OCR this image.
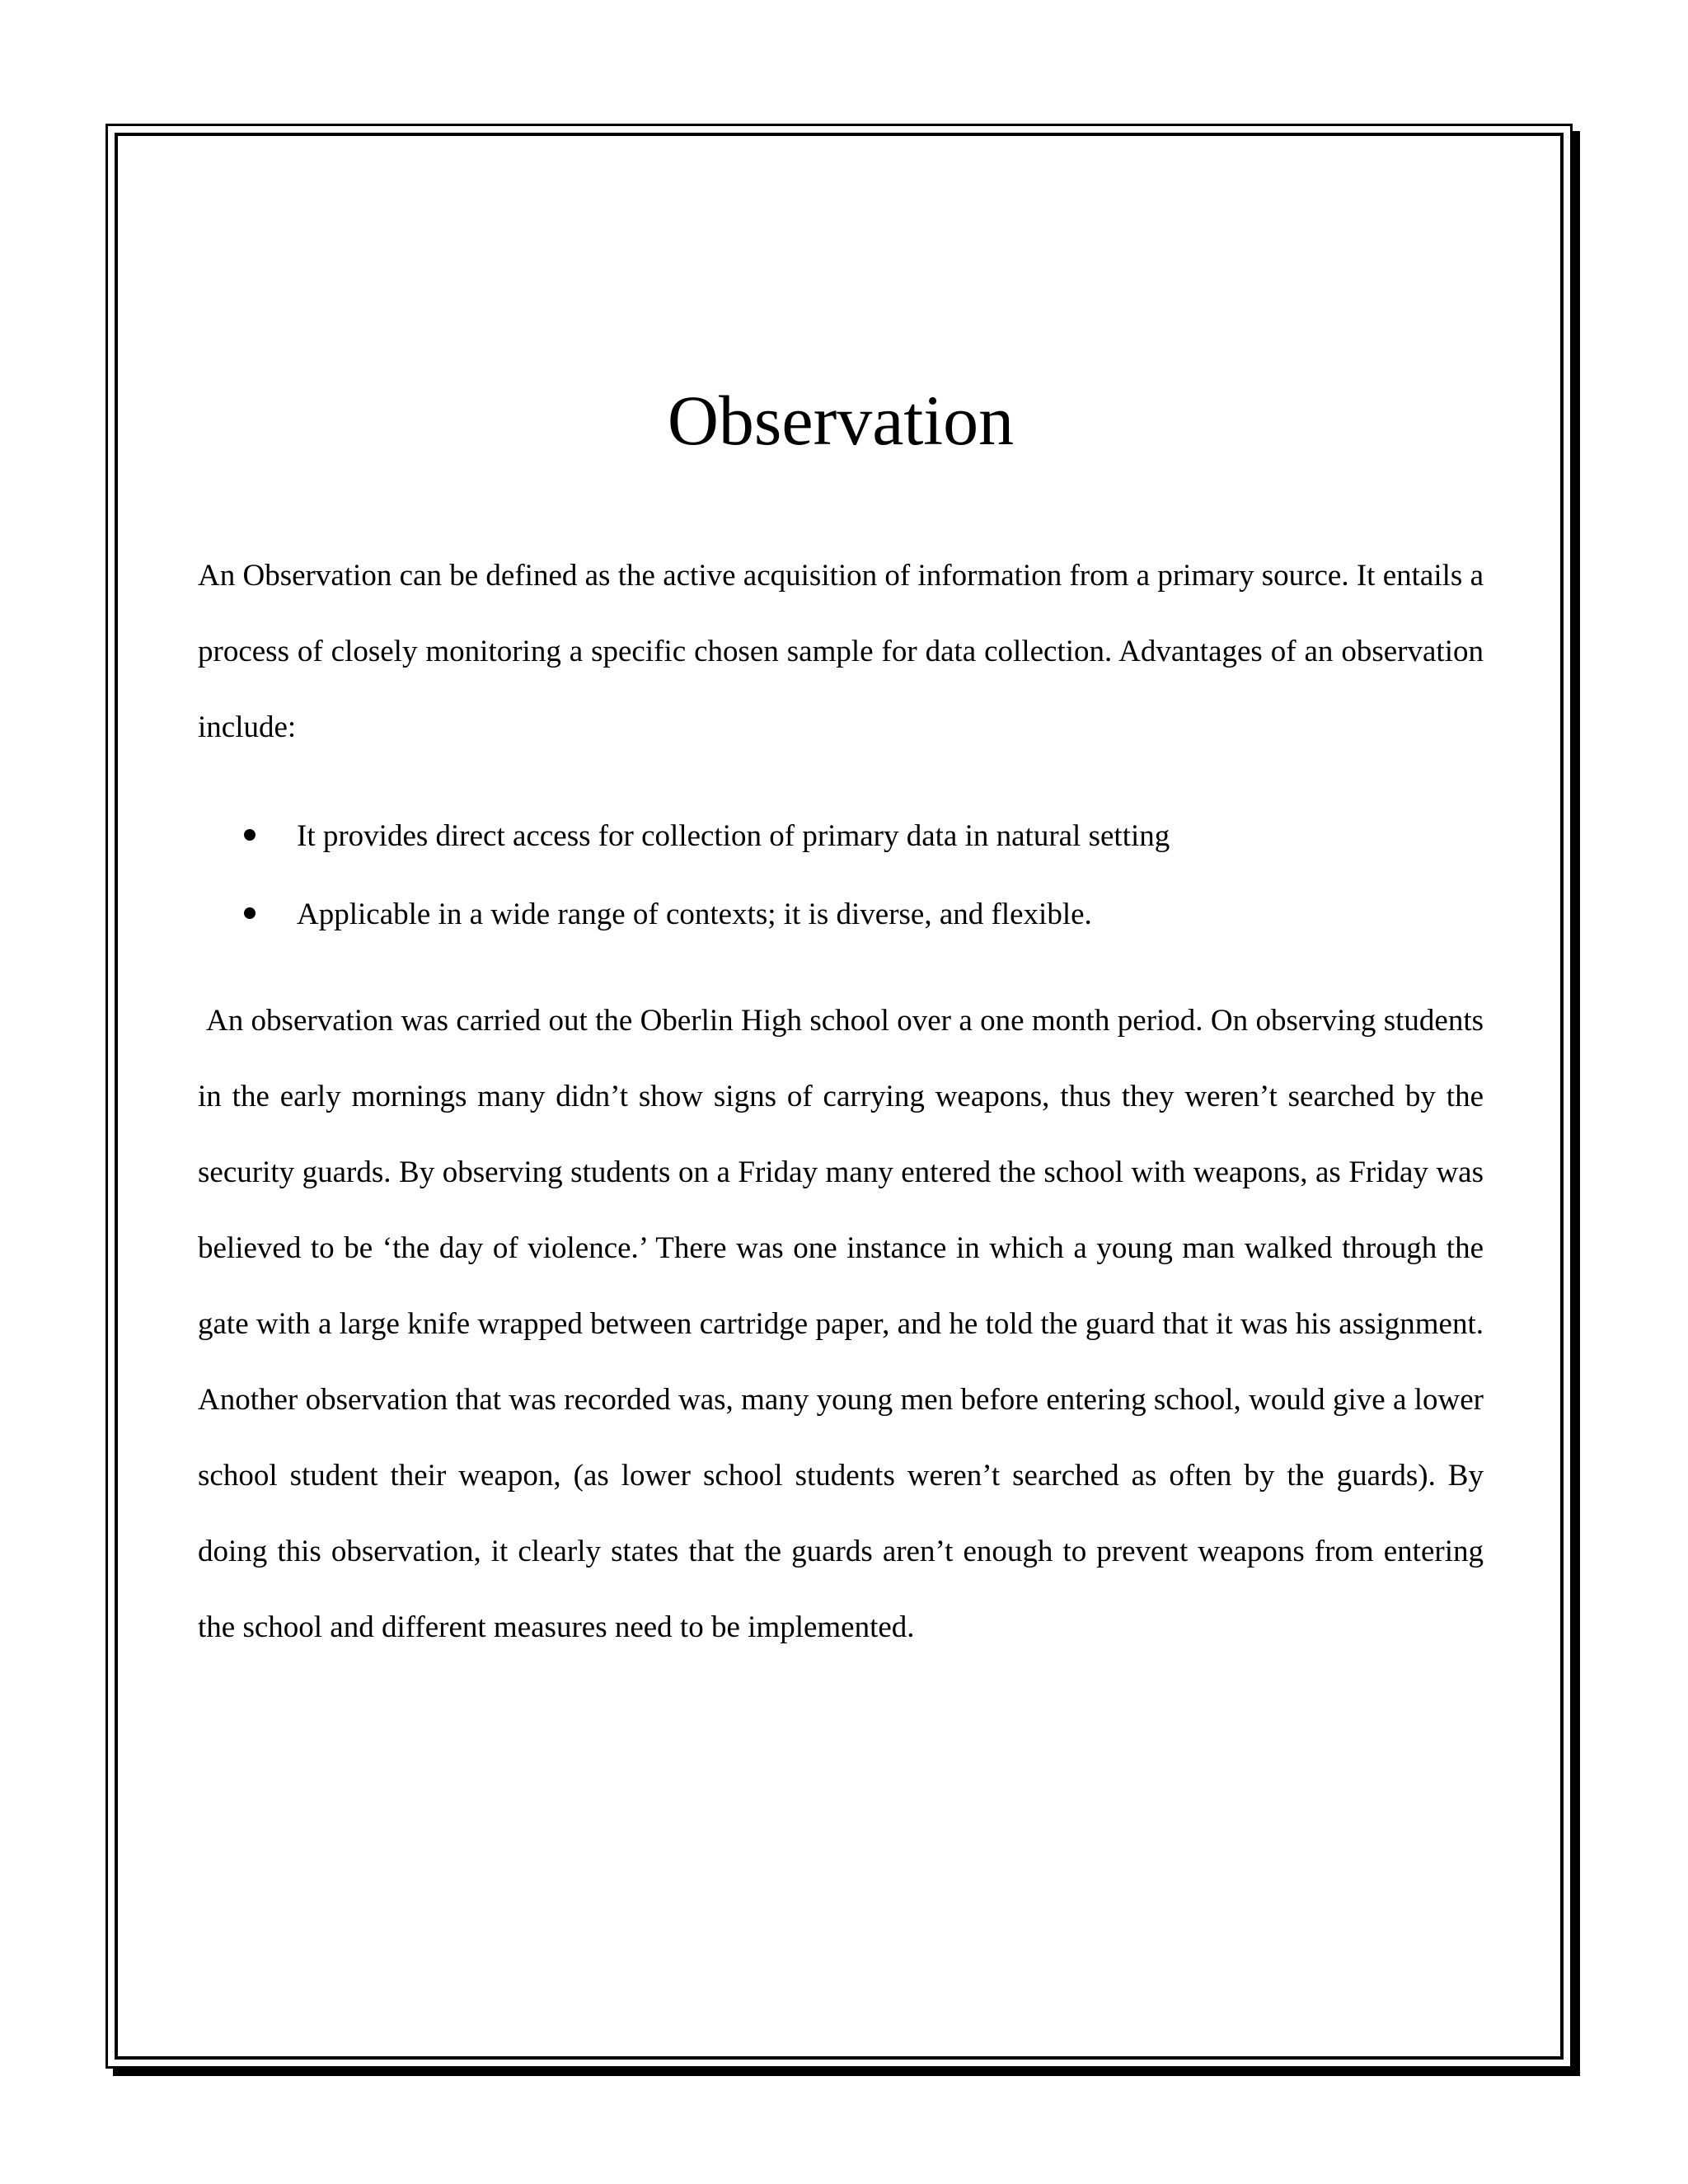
Observation

An Observation can be defined as the active acquisition of information from a primary source. It entails a process of closely monitoring a specific chosen sample for data collection. Advantages of an observation include:

It provides direct access for collection of primary data in natural setting
Applicable in a wide range of contexts; it is diverse, and flexible.

An observation was carried out the Oberlin High school over a one month period. On observing students in the early mornings many didn’t show signs of carrying weapons, thus they weren’t searched by the security guards. By observing students on a Friday many entered the school with weapons, as Friday was believed to be ‘the day of violence.’ There was one instance in which a young man walked through the gate with a large knife wrapped between cartridge paper, and he told the guard that it was his assignment. Another observation that was recorded was, many young men before entering school, would give a lower school student their weapon, (as lower school students weren’t searched as often by the guards). By doing this observation, it clearly states that the guards aren’t enough to prevent weapons from entering the school and different measures need to be implemented.
